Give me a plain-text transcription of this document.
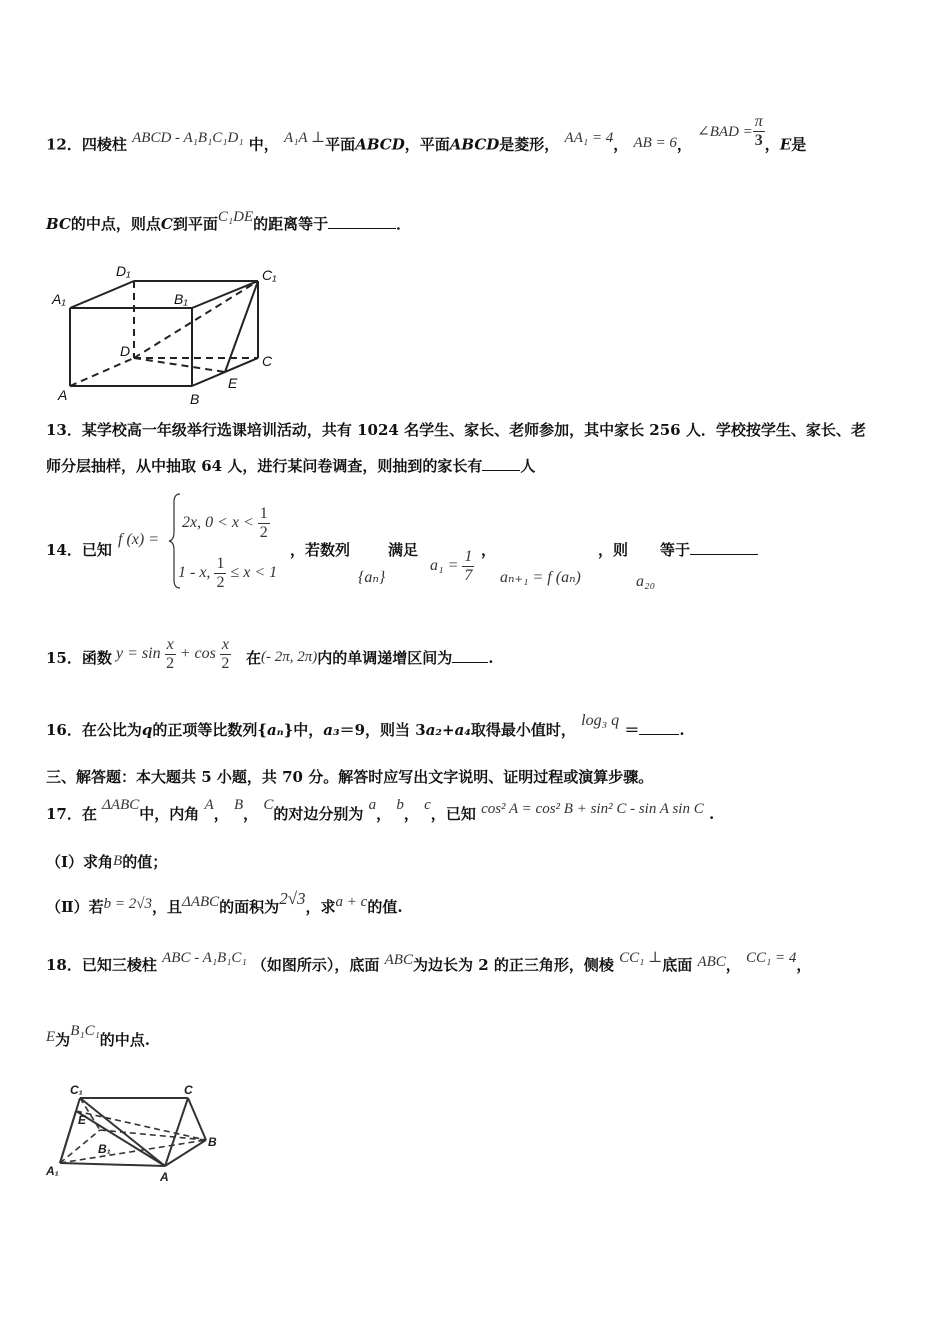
12．四棱柱 ABCD - A₁B₁C₁D₁ 中， A₁A ⊥平面ABCD，平面ABCD是菱形， AA₁ = 4， AB = 6， ∠BAD = $\frac{\pi}{3}$ ，E是
BC的中点，则点C到平面C₁DE的距离等于	．
A₁
D₁
B₁
C₁
D
C
A	B
E
13．某学校高一年级举行选课培训活动，共有 1024 名学生、家长、老师参加，其中家长 256 人．学校按学生、家长、老
师分层抽样，从中抽取 64 人，进行某问卷调查，则抽到的家长有	人
14．已知
f (x) =
2x, $0 < x < \frac{1}{2}$
1 - x, $\frac{1}{2} \le x < 1$
，若数列	满足
{aₙ}
$a_1 = \frac{1}{7}$ ，
aₙ₊₁ = f (aₙ)
，则
a₂₀
等于
15．函数 $y = \sin \frac{x}{2} + \cos \frac{x}{2}$ 在(- 2π, 2π)内的单调递增区间为 .
16．在公比为q的正项等比数列{aₙ}中，a₃＝9，则当 3a₂+a₄取得最小值时， log₃ q ＝	.
三、解答题：本大题共 5 小题，共 70 分。解答时应写出文字说明、证明过程或演算步骤。
17．在 ΔABC中，内角 A， B， C的对边分别为 a， b， c，已知 cos² A = cos² B + sin² C - sin A sin C .
（Ⅰ）求角B的值；
（Ⅱ）若b = 2√3，且ΔABC的面积为2√3，求a + c的值.
18．已知三棱柱 ABC - A₁B₁C₁ （如图所示），底面 ABC为边长为 2 的正三角形，侧棱 CC₁ ⊥底面 ABC， CC₁ = 4，
E为B₁C₁的中点.
C₁	C
E
B₁	B
A₁	A
